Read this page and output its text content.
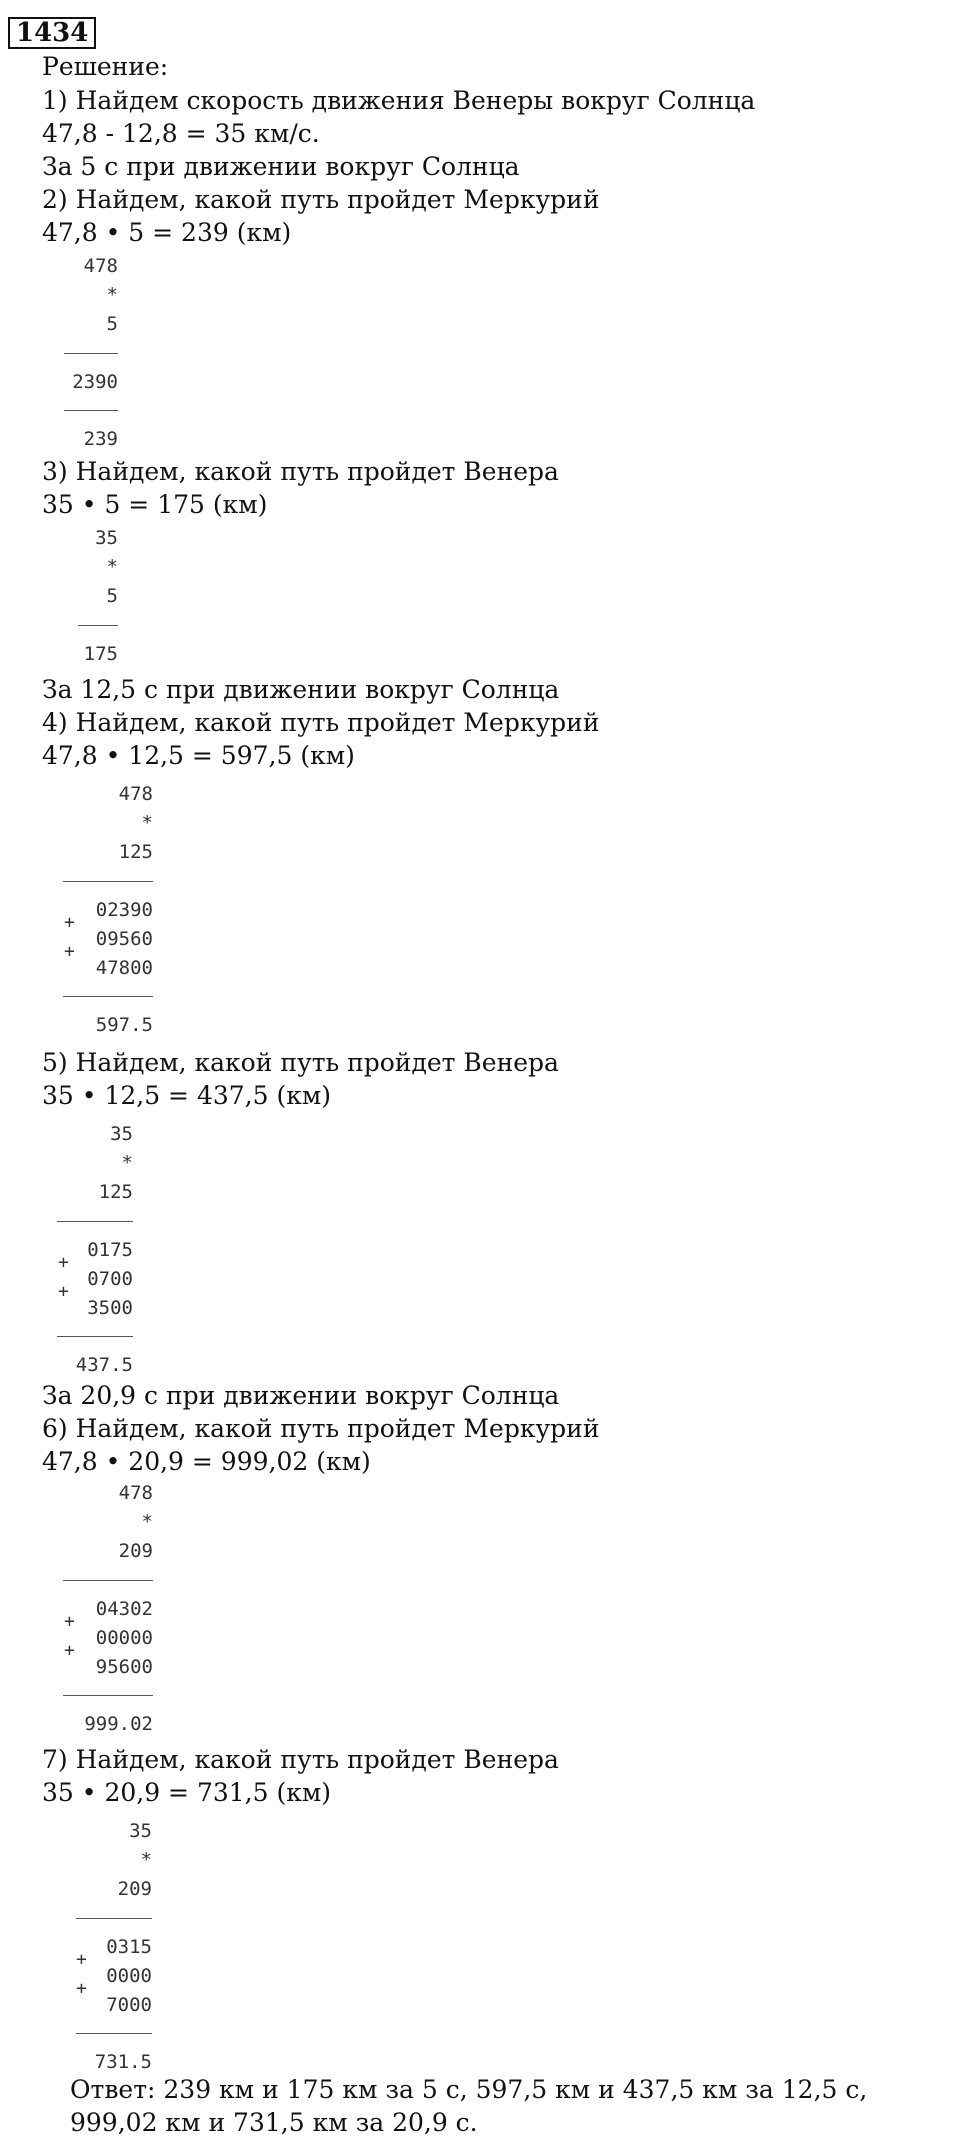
1434
Решение:
1) Найдем скорость движения Венеры вокруг Солнца
47,8 - 12,8 = 35 км/с.
За 5 с при движении вокруг Солнца
2) Найдем, какой путь пройдет Меркурий
47,8 • 5 = 239 (км)
3) Найдем, какой путь пройдет Венера
35 • 5 = 175 (км)
За 12,5 с при движении вокруг Солнца
4) Найдем, какой путь пройдет Меркурий
47,8 • 12,5 = 597,5 (км)
5) Найдем, какой путь пройдет Венера
35 • 12,5 = 437,5 (км)
За 20,9 с при движении вокруг Солнца
6) Найдем, какой путь пройдет Меркурий
47,8 • 20,9 = 999,02 (км)
7) Найдем, какой путь пройдет Венера
35 • 20,9 = 731,5 (км)
478
*
5
2390
239
35
*
5
175
478
*
125
02390
+
09560
+
47800
597.5
35
*
125
0175
+
0700
+
3500
437.5
478
*
209
04302
+
00000
+
95600
999.02
35
*
209
0315
+
0000
+
7000
731.5
Ответ: 239 км и 175 км за 5 с, 597,5 км и 437,5 км за 12,5 с, 999,02 км и 731,5 км за 20,9 с.
